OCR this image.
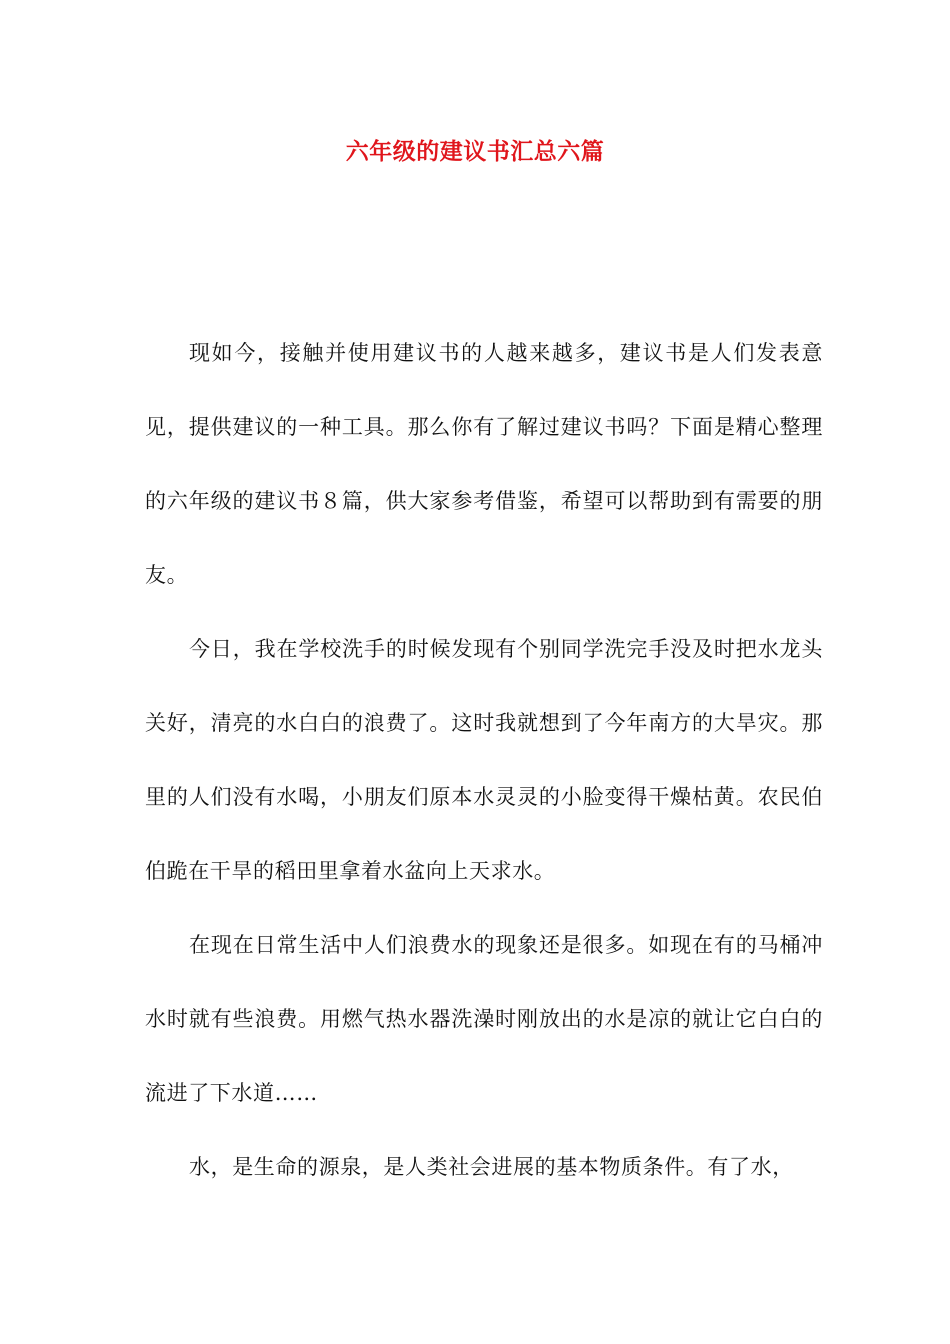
六年级的建议书汇总六篇

现如今，接触并使用建议书的人越来越多，建议书是人们发表意见，提供建议的一种工具。那么你有了解过建议书吗？下面是精心整理的六年级的建议书８篇，供大家参考借鉴，希望可以帮助到有需要的朋友。

今日，我在学校洗手的时候发现有个别同学洗完手没及时把水龙头关好，清亮的水白白的浪费了。这时我就想到了今年南方的大旱灾。那里的人们没有水喝，小朋友们原本水灵灵的小脸变得干燥枯黄。农民伯伯跪在干旱的稻田里拿着水盆向上天求水。

在现在日常生活中人们浪费水的现象还是很多。如现在有的马桶冲水时就有些浪费。用燃气热水器洗澡时刚放出的水是凉的就让它白白的流进了下水道……

水，是生命的源泉，是人类社会进展的基本物质条件。有了水，
